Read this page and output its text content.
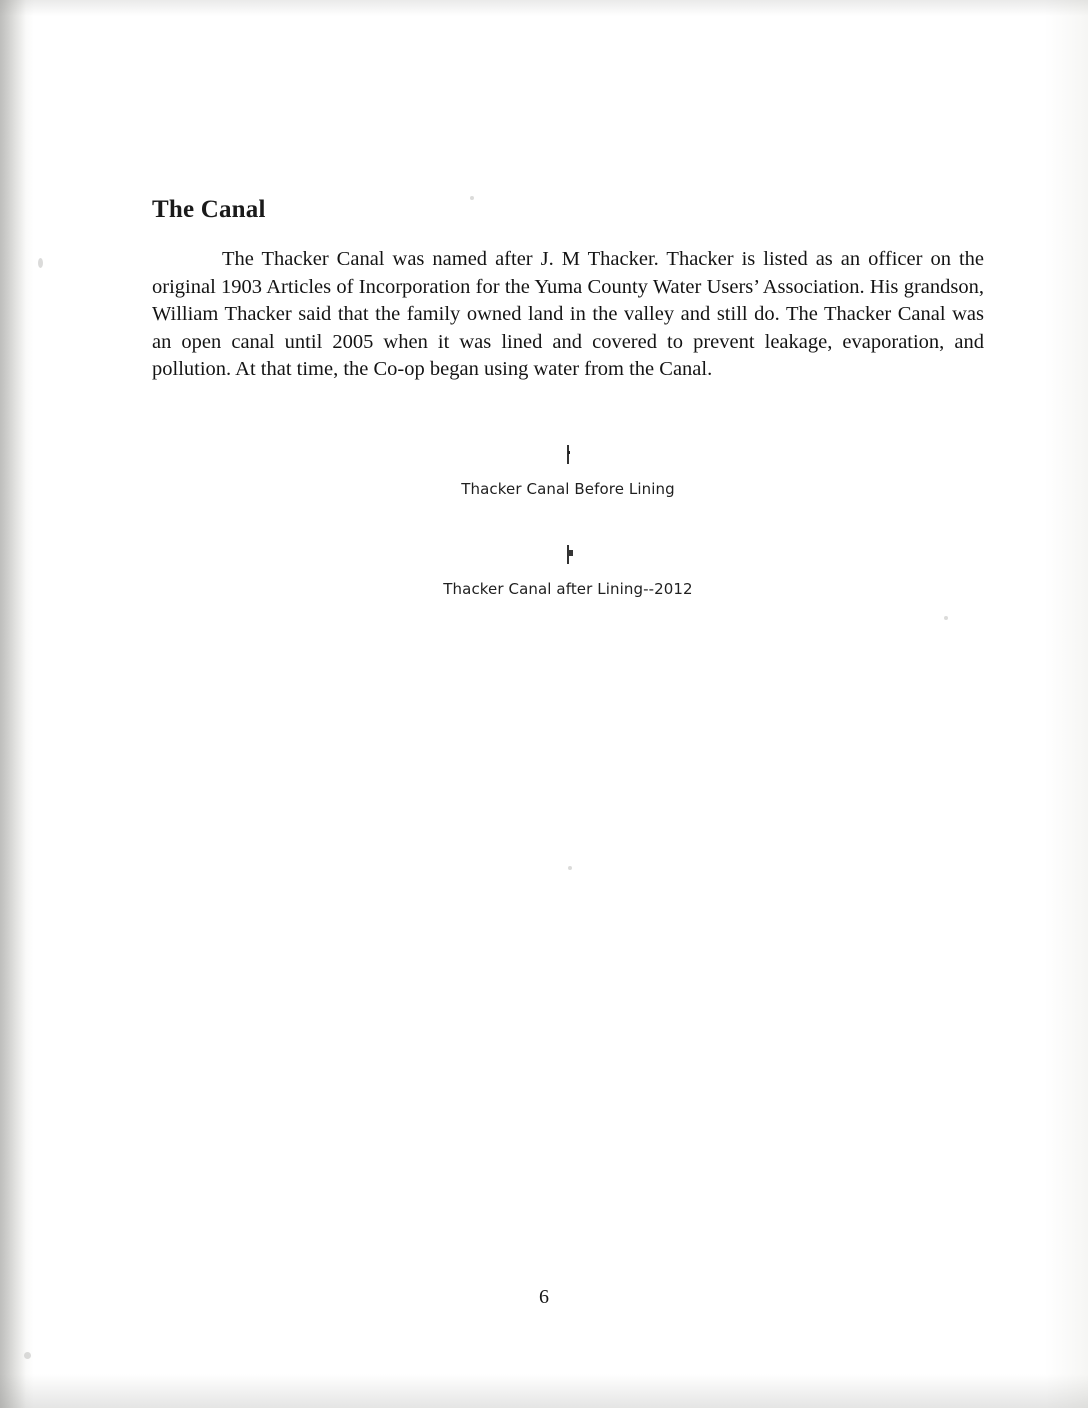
The Canal

The Thacker Canal was named after J. M Thacker. Thacker is listed as an officer on the original 1903 Articles of Incorporation for the Yuma County Water Users’ Association. His grandson, William Thacker said that the family owned land in the valley and still do. The Thacker Canal was an open canal until 2005 when it was lined and covered to prevent leakage, evaporation, and pollution. At that time, the Co-op began using water from the Canal.

Thacker Canal Before Lining
Thacker Canal after Lining--2012
6
